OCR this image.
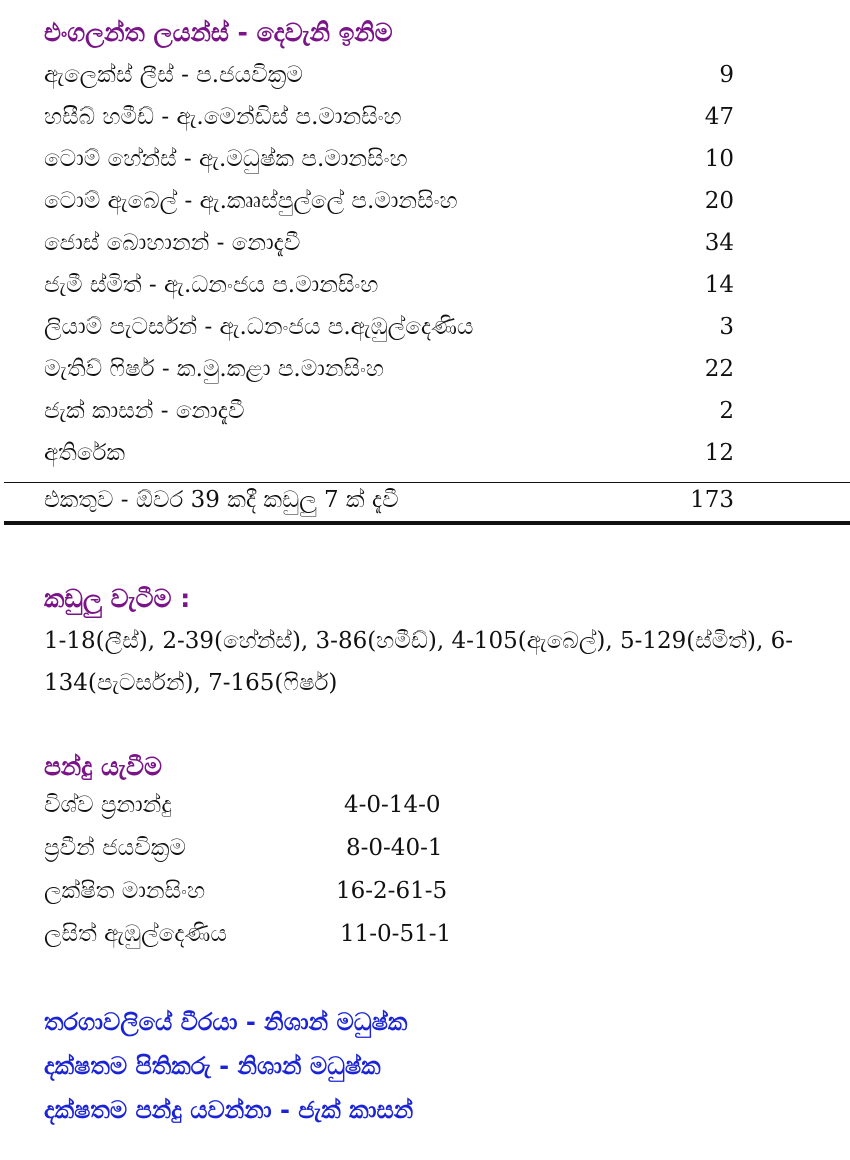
එංගලන්ත ලයන්ස් - දෙවැනි ඉනිම
ඇලෙක්ස් ලීස් - ප.ජයවික්‍රම	9
හසීබ් හමීඩ් - ඇ.මෙන්ඩිස් ප.මානසිංහ	47
ටොම් හේන්ස් - ඇ.මධුෂ්ක ප.මානසිංහ	10
ටොම් ඇබෙල් - ඇ.කෲස්පුල්ලේ ප.මානසිංහ	20
ජොස් බොහානන් - නොදැවී	34
ජැමී ස්මිත් - ඇ.ධනංජය ප.මානසිංහ	14
ලියාම් පැටර්සන් - ඇ.ධනංජය ප.ඇඹුල්දෙණිය	3
මැතිව් ෆිෂර් - ක.මු.කළා ප.මානසිංහ	22
ජැක් කාසන් - නොදැවී	2
අතිරේක	12
එකතුව - ඕවර 39 කදී කඩුලු 7 ක් දැවී	173
කඩුලු වැටීම :
1-18(ලීස්), 2-39(හේන්ස්), 3-86(හමීඩ්), 4-105(ඇබෙල්), 5-129(ස්මිත්), 6-134(පැටර්සන්), 7-165(ෆිෂර්)
පන්දු යැවීම
විශ්ව ප්‍රනාන්දු	4-0-14-0
ප්‍රවීන් ජයවික්‍රම	8-0-40-1
ලක්ෂිත මානසිංහ	16-2-61-5
ලසිත් ඇඹුල්දෙණිය	11-0-51-1
තරගාවලියේ වීරයා - නිශාන් මධුෂ්ක
දක්ෂතම පිතිකරු - නිශාන් මධුෂ්ක
දක්ෂතම පන්දු යවන්නා - ජැක් කාසන්
